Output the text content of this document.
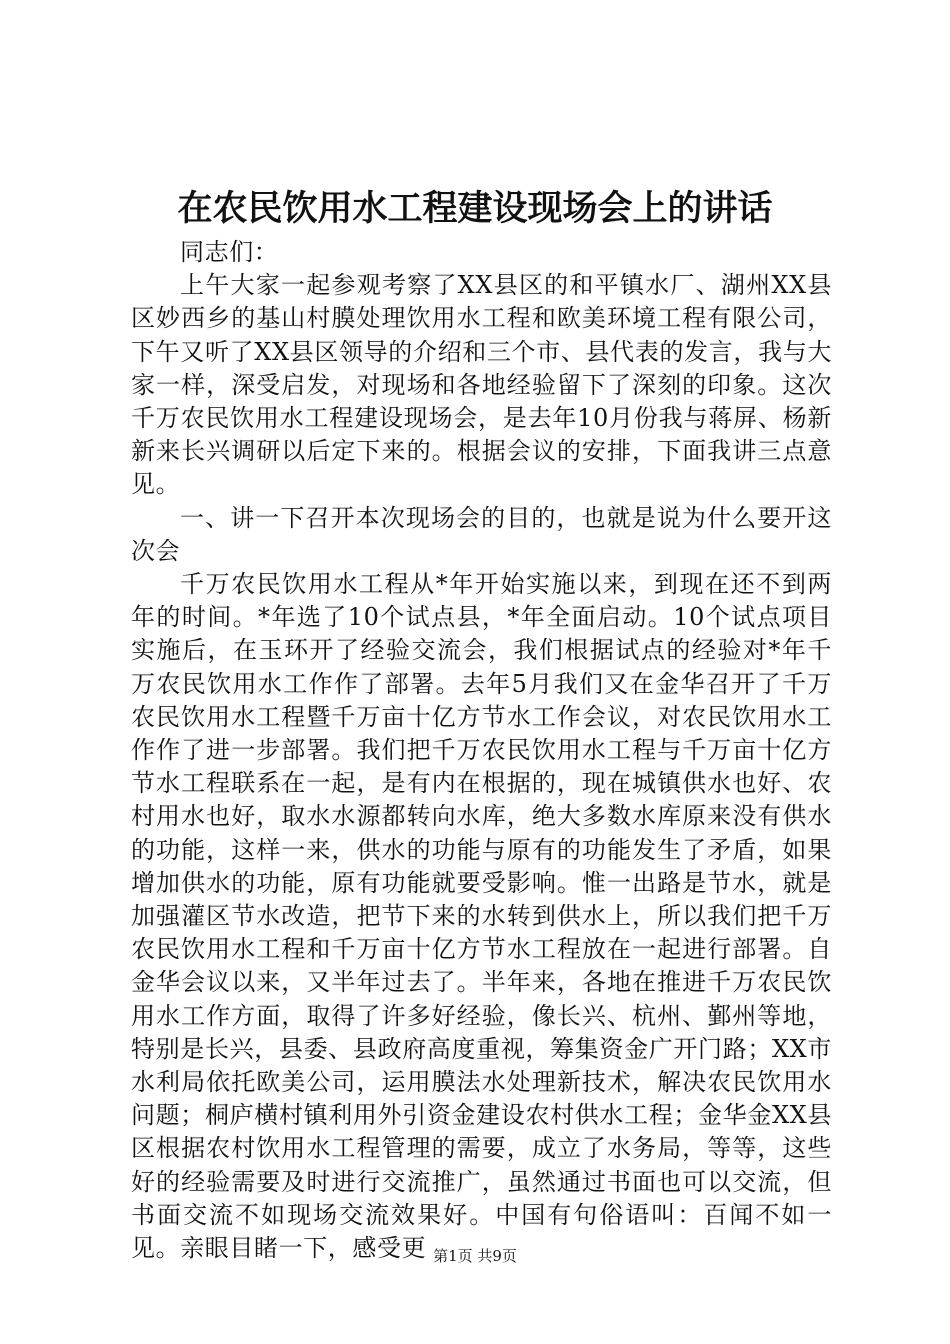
在农民饮用水工程建设现场会上的讲话

同志们：

上午大家一起参观考察了XX县区的和平镇水厂、湖州XX县区妙西乡的基山村膜处理饮用水工程和欧美环境工程有限公司，下午又听了XX县区领导的介绍和三个市、县代表的发言，我与大家一样，深受启发，对现场和各地经验留下了深刻的印象。这次千万农民饮用水工程建设现场会，是去年10月份我与蒋屏、杨新新来长兴调研以后定下来的。根据会议的安排，下面我讲三点意见。

一、讲一下召开本次现场会的目的，也就是说为什么要开这次会

千万农民饮用水工程从*年开始实施以来，到现在还不到两年的时间。*年选了10个试点县，*年全面启动。10个试点项目实施后，在玉环开了经验交流会，我们根据试点的经验对*年千万农民饮用水工作作了部署。去年5月我们又在金华召开了千万农民饮用水工程暨千万亩十亿方节水工作会议，对农民饮用水工作作了进一步部署。我们把千万农民饮用水工程与千万亩十亿方节水工程联系在一起，是有内在根据的，现在城镇供水也好、农村用水也好，取水水源都转向水库，绝大多数水库原来没有供水的功能，这样一来，供水的功能与原有的功能发生了矛盾，如果增加供水的功能，原有功能就要受影响。惟一出路是节水，就是加强灌区节水改造，把节下来的水转到供水上，所以我们把千万农民饮用水工程和千万亩十亿方节水工程放在一起进行部署。自金华会议以来，又半年过去了。半年来，各地在推进千万农民饮用水工作方面，取得了许多好经验，像长兴、杭州、鄞州等地，特别是长兴，县委、县政府高度重视，筹集资金广开门路；XX市水利局依托欧美公司，运用膜法水处理新技术，解决农民饮用水问题；桐庐横村镇利用外引资金建设农村供水工程；金华金XX县区根据农村饮用水工程管理的需要，成立了水务局，等等，这些好的经验需要及时进行交流推广，虽然通过书面也可以交流，但书面交流不如现场交流效果好。中国有句俗语叫：百闻不如一见。亲眼目睹一下，感受更 第1页 共9页
